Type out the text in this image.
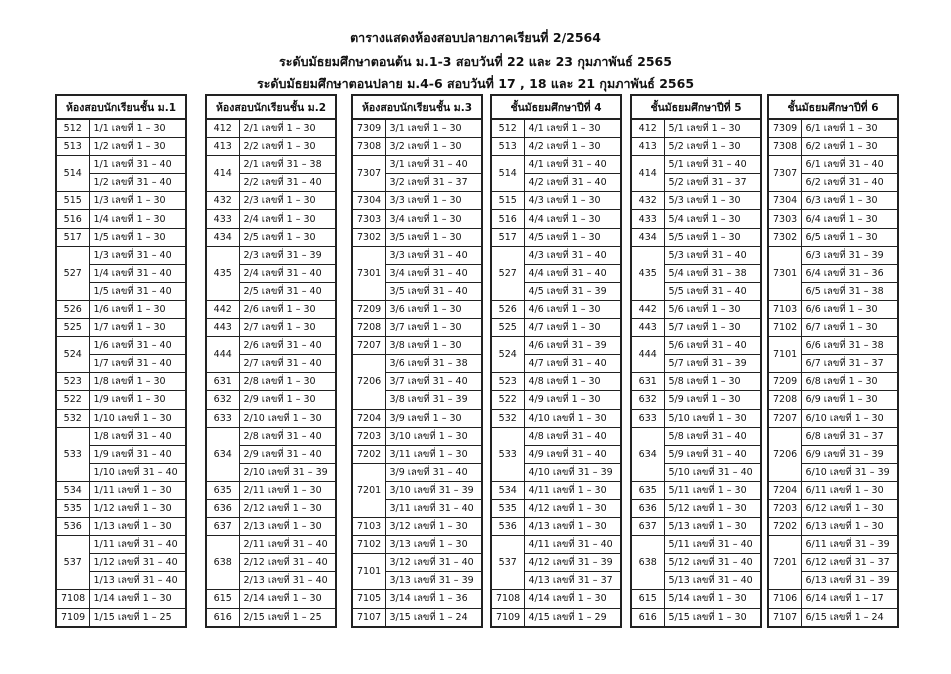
ตารางแสดงห้องสอบปลายภาคเรียนที่ 2/2564
ระดับมัธยมศึกษาตอนต้น ม.1-3 สอบวันที่ 22 และ 23 กุมภาพันธ์ 2565
ระดับมัธยมศึกษาตอนปลาย ม.4-6 สอบวันที่ 17 , 18 และ 21 กุมภาพันธ์ 2565
ห้องสอบนักเรียนชั้น ม.1	
512	1/1 เลขที่ 1 – 30
513	1/2 เลขที่ 1 – 30
514	1/1 เลขที่ 31 – 40
	1/2 เลขที่ 31 – 40
515	1/3 เลขที่ 1 – 30
516	1/4 เลขที่ 1 – 30
517	1/5 เลขที่ 1 – 30
527	1/3 เลขที่ 31 – 40
	1/4 เลขที่ 31 – 40
	1/5 เลขที่ 31 – 40
526	1/6 เลขที่ 1 – 30
525	1/7 เลขที่ 1 – 30
524	1/6 เลขที่ 31 – 40
	1/7 เลขที่ 31 – 40
523	1/8 เลขที่ 1 – 30
522	1/9 เลขที่ 1 – 30
532	1/10 เลขที่ 1 – 30
533	1/8 เลขที่ 31 – 40
	1/9 เลขที่ 31 – 40
	1/10 เลขที่ 31 – 40
534	1/11 เลขที่ 1 – 30
535	1/12 เลขที่ 1 – 30
536	1/13 เลขที่ 1 – 30
537	1/11 เลขที่ 31 – 40
	1/12 เลขที่ 31 – 40
	1/13 เลขที่ 31 – 40
7108	1/14 เลขที่ 1 – 30
7109	1/15 เลขที่ 1 – 25
ห้องสอบนักเรียนชั้น ม.2	
412	2/1 เลขที่ 1 – 30
413	2/2 เลขที่ 1 – 30
414	2/1 เลขที่ 31 – 38
	2/2 เลขที่ 31 – 40
432	2/3 เลขที่ 1 – 30
433	2/4 เลขที่ 1 – 30
434	2/5 เลขที่ 1 – 30
435	2/3 เลขที่ 31 – 39
	2/4 เลขที่ 31 – 40
	2/5 เลขที่ 31 – 40
442	2/6 เลขที่ 1 – 30
443	2/7 เลขที่ 1 – 30
444	2/6 เลขที่ 31 – 40
	2/7 เลขที่ 31 – 40
631	2/8 เลขที่ 1 – 30
632	2/9 เลขที่ 1 – 30
633	2/10 เลขที่ 1 – 30
634	2/8 เลขที่ 31 – 40
	2/9 เลขที่ 31 – 40
	2/10 เลขที่ 31 – 39
635	2/11 เลขที่ 1 – 30
636	2/12 เลขที่ 1 – 30
637	2/13 เลขที่ 1 – 30
638	2/11 เลขที่ 31 – 40
	2/12 เลขที่ 31 – 40
	2/13 เลขที่ 31 – 40
615	2/14 เลขที่ 1 – 30
616	2/15 เลขที่ 1 – 25
ห้องสอบนักเรียนชั้น ม.3	
7309	3/1 เลขที่ 1 – 30
7308	3/2 เลขที่ 1 – 30
7307	3/1 เลขที่ 31 – 40
	3/2 เลขที่ 31 – 37
7304	3/3 เลขที่ 1 – 30
7303	3/4 เลขที่ 1 – 30
7302	3/5 เลขที่ 1 – 30
7301	3/3 เลขที่ 31 – 40
	3/4 เลขที่ 31 – 40
	3/5 เลขที่ 31 – 40
7209	3/6 เลขที่ 1 – 30
7208	3/7 เลขที่ 1 – 30
7207	3/8 เลขที่ 1 – 30
7206	3/6 เลขที่ 31 – 38
	3/7 เลขที่ 31 – 40
	3/8 เลขที่ 31 – 39
7204	3/9 เลขที่ 1 – 30
7203	3/10 เลขที่ 1 – 30
7202	3/11 เลขที่ 1 – 30
7201	3/9 เลขที่ 31 – 40
	3/10 เลขที่ 31 – 39
	3/11 เลขที่ 31 – 40
7103	3/12 เลขที่ 1 – 30
7102	3/13 เลขที่ 1 – 30
7101	3/12 เลขที่ 31 – 40
	3/13 เลขที่ 31 – 39
7105	3/14 เลขที่ 1 – 36
7107	3/15 เลขที่ 1 – 24
ชั้นมัธยมศึกษาปีที่ 4	
512	4/1 เลขที่ 1 – 30
513	4/2 เลขที่ 1 – 30
514	4/1 เลขที่ 31 – 40
	4/2 เลขที่ 31 – 40
515	4/3 เลขที่ 1 – 30
516	4/4 เลขที่ 1 – 30
517	4/5 เลขที่ 1 – 30
527	4/3 เลขที่ 31 – 40
	4/4 เลขที่ 31 – 40
	4/5 เลขที่ 31 – 39
526	4/6 เลขที่ 1 – 30
525	4/7 เลขที่ 1 – 30
524	4/6 เลขที่ 31 – 39
	4/7 เลขที่ 31 – 40
523	4/8 เลขที่ 1 – 30
522	4/9 เลขที่ 1 – 30
532	4/10 เลขที่ 1 – 30
533	4/8 เลขที่ 31 – 40
	4/9 เลขที่ 31 – 40
	4/10 เลขที่ 31 – 39
534	4/11 เลขที่ 1 – 30
535	4/12 เลขที่ 1 – 30
536	4/13 เลขที่ 1 – 30
537	4/11 เลขที่ 31 – 40
	4/12 เลขที่ 31 – 39
	4/13 เลขที่ 31 – 37
7108	4/14 เลขที่ 1 – 30
7109	4/15 เลขที่ 1 – 29
ชั้นมัธยมศึกษาปีที่ 5	
412	5/1 เลขที่ 1 – 30
413	5/2 เลขที่ 1 – 30
414	5/1 เลขที่ 31 – 40
	5/2 เลขที่ 31 – 37
432	5/3 เลขที่ 1 – 30
433	5/4 เลขที่ 1 – 30
434	5/5 เลขที่ 1 – 30
435	5/3 เลขที่ 31 – 40
	5/4 เลขที่ 31 – 38
	5/5 เลขที่ 31 – 40
442	5/6 เลขที่ 1 – 30
443	5/7 เลขที่ 1 – 30
444	5/6 เลขที่ 31 – 40
	5/7 เลขที่ 31 – 39
631	5/8 เลขที่ 1 – 30
632	5/9 เลขที่ 1 – 30
633	5/10 เลขที่ 1 – 30
634	5/8 เลขที่ 31 – 40
	5/9 เลขที่ 31 – 40
	5/10 เลขที่ 31 – 40
635	5/11 เลขที่ 1 – 30
636	5/12 เลขที่ 1 – 30
637	5/13 เลขที่ 1 – 30
638	5/11 เลขที่ 31 – 40
	5/12 เลขที่ 31 – 40
	5/13 เลขที่ 31 – 40
615	5/14 เลขที่ 1 – 30
616	5/15 เลขที่ 1 – 30
ชั้นมัธยมศึกษาปีที่ 6	
7309	6/1 เลขที่ 1 – 30
7308	6/2 เลขที่ 1 – 30
7307	6/1 เลขที่ 31 – 40
	6/2 เลขที่ 31 – 40
7304	6/3 เลขที่ 1 – 30
7303	6/4 เลขที่ 1 – 30
7302	6/5 เลขที่ 1 – 30
7301	6/3 เลขที่ 31 – 39
	6/4 เลขที่ 31 – 36
	6/5 เลขที่ 31 – 38
7103	6/6 เลขที่ 1 – 30
7102	6/7 เลขที่ 1 – 30
7101	6/6 เลขที่ 31 – 38
	6/7 เลขที่ 31 – 37
7209	6/8 เลขที่ 1 – 30
7208	6/9 เลขที่ 1 – 30
7207	6/10 เลขที่ 1 – 30
7206	6/8 เลขที่ 31 – 37
	6/9 เลขที่ 31 – 39
	6/10 เลขที่ 31 – 39
7204	6/11 เลขที่ 1 – 30
7203	6/12 เลขที่ 1 – 30
7202	6/13 เลขที่ 1 – 30
7201	6/11 เลขที่ 31 – 39
	6/12 เลขที่ 31 – 37
	6/13 เลขที่ 31 – 39
7106	6/14 เลขที่ 1 – 17
7107	6/15 เลขที่ 1 – 24
